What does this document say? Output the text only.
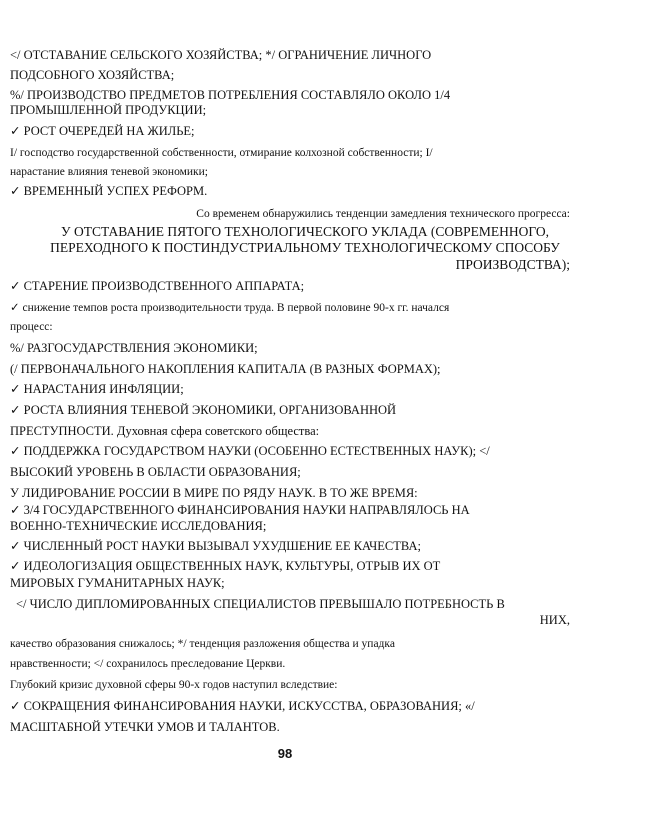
</ ОТСТАВАНИЕ СЕЛЬСКОГО ХОЗЯЙСТВА; */ ОГРАНИЧЕНИЕ ЛИЧНОГО
ПОДСОБНОГО ХОЗЯЙСТВА;
%/ ПРОИЗВОДСТВО ПРЕДМЕТОВ ПОТРЕБЛЕНИЯ СОСТАВЛЯЛО ОКОЛО 1/4
ПРОМЫШЛЕННОЙ ПРОДУКЦИИ;
✓ РОСТ ОЧЕРЕДЕЙ НА ЖИЛЬЕ;
I/ господство государственной собственности, отмирание колхозной собственности; I/
нарастание влияния теневой экономики;
✓ ВРЕМЕННЫЙ УСПЕХ РЕФОРМ.
Со временем обнаружились тенденции замедления технического прогресса:
У ОТСТАВАНИЕ ПЯТОГО ТЕХНОЛОГИЧЕСКОГО УКЛАДА (СОВРЕМЕННОГО,
ПЕРЕХОДНОГО К ПОСТИНДУСТРИАЛЬНОМУ ТЕХНОЛОГИЧЕСКОМУ СПОСОБУ
ПРОИЗВОДСТВА);
✓ СТАРЕНИЕ ПРОИЗВОДСТВЕННОГО АППАРАТА;
✓ снижение темпов роста производительности труда. В первой половине 90-х гг. начался
процесс:
%/ РАЗГОСУДАРСТВЛЕНИЯ ЭКОНОМИКИ;
(/ ПЕРВОНАЧАЛЬНОГО НАКОПЛЕНИЯ КАПИТАЛА (В РАЗНЫХ ФОРМАХ);
✓ НАРАСТАНИЯ ИНФЛЯЦИИ;
✓ РОСТА ВЛИЯНИЯ ТЕНЕВОЙ ЭКОНОМИКИ, ОРГАНИЗОВАННОЙ
ПРЕСТУПНОСТИ. Духовная сфера советского общества:
✓ ПОДДЕРЖКА ГОСУДАРСТВОМ НАУКИ (ОСОБЕННО ЕСТЕСТВЕННЫХ НАУК); </
ВЫСОКИЙ УРОВЕНЬ В ОБЛАСТИ ОБРАЗОВАНИЯ;
У ЛИДИРОВАНИЕ РОССИИ В МИРЕ ПО РЯДУ НАУК. В ТО ЖЕ ВРЕМЯ:
✓ 3/4 ГОСУДАРСТВЕННОГО ФИНАНСИРОВАНИЯ НАУКИ НАПРАВЛЯЛОСЬ НА
ВОЕННО-ТЕХНИЧЕСКИЕ ИССЛЕДОВАНИЯ;
✓ ЧИСЛЕННЫЙ РОСТ НАУКИ ВЫЗЫВАЛ УХУДШЕНИЕ ЕЕ КАЧЕСТВА;
✓ ИДЕОЛОГИЗАЦИЯ ОБЩЕСТВЕННЫХ НАУК, КУЛЬТУРЫ, ОТРЫВ ИХ ОТ
МИРОВЫХ ГУМАНИТАРНЫХ НАУК;
</ ЧИСЛО ДИПЛОМИРОВАННЫХ СПЕЦИАЛИСТОВ ПРЕВЫШАЛО ПОТРЕБНОСТЬ В
НИХ,
качество образования снижалось; */ тенденция разложения общества и упадка
нравственности; </ сохранилось преследование Церкви.
Глубокий кризис духовной сферы 90-х годов наступил вследствие:
✓ СОКРАЩЕНИЯ ФИНАНСИРОВАНИЯ НАУКИ, ИСКУССТВА, ОБРАЗОВАНИЯ; «/
МАСШТАБНОЙ УТЕЧКИ УМОВ И ТАЛАНТОВ.
98
